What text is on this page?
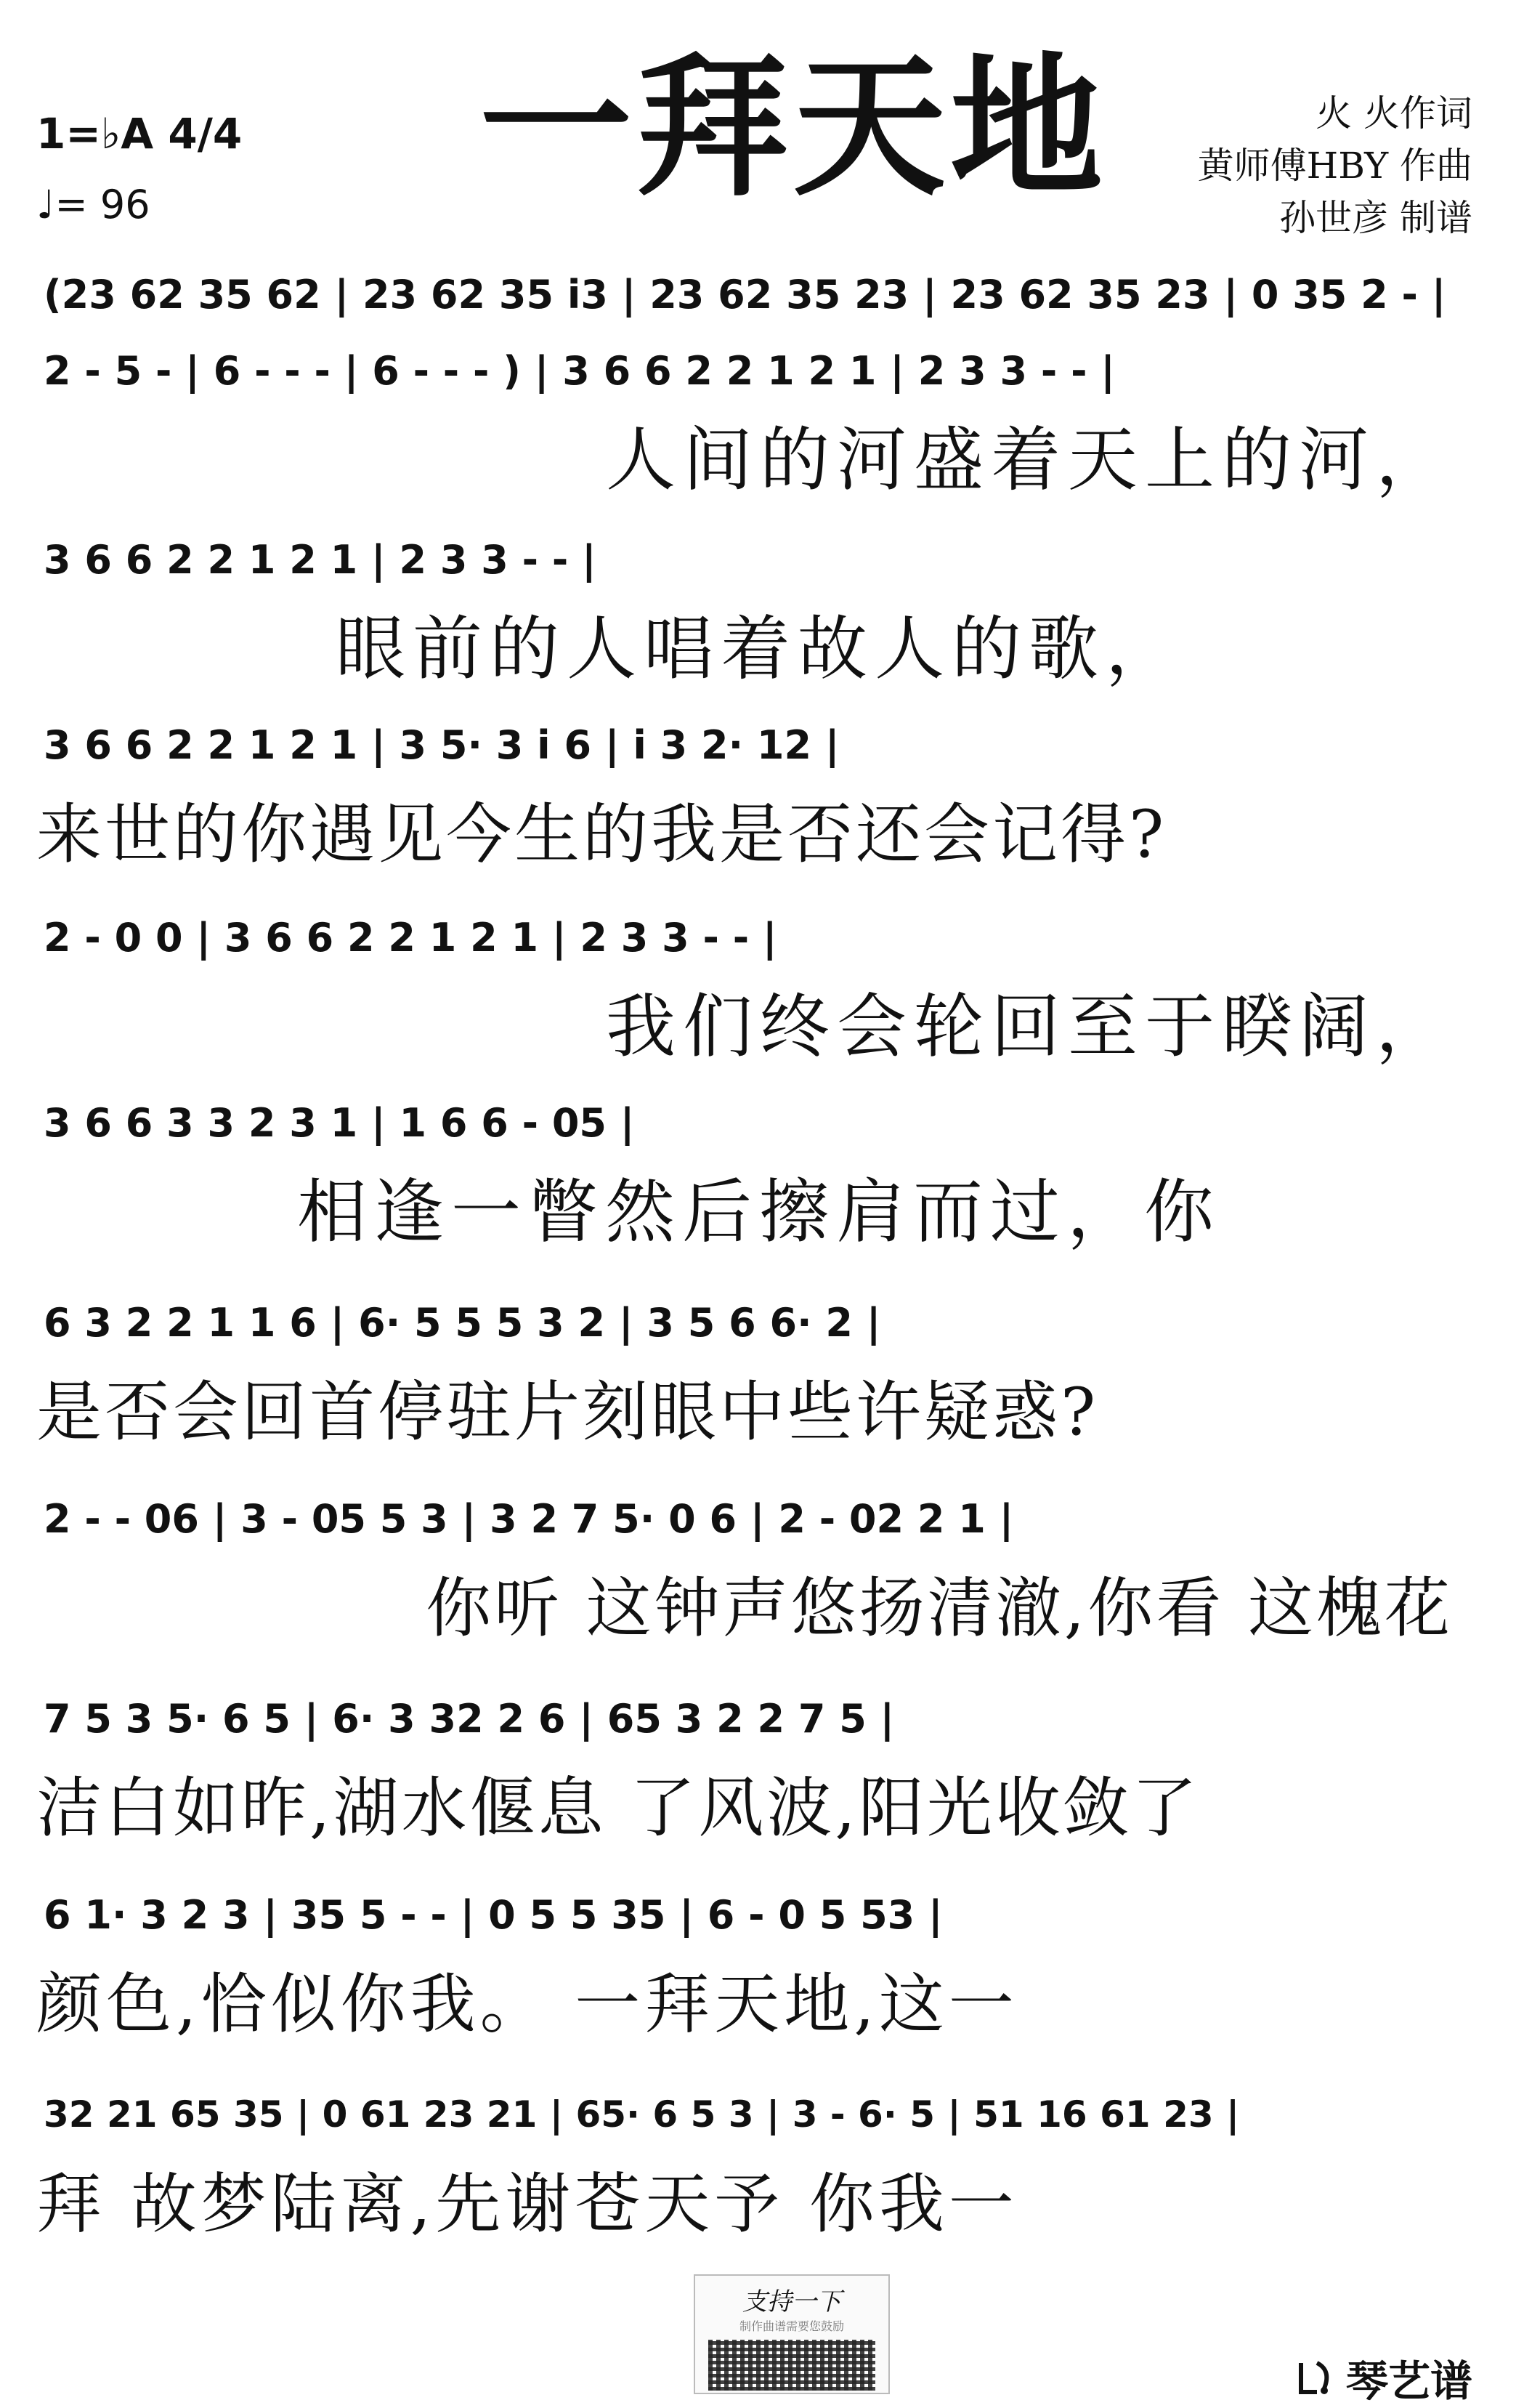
1=♭A 4/4
♩= 96 一拜天地	火 火作词
黄师傅HBY 作曲
孙世彦 制谱
(23 62 35 62 | 23 62 35 i3 | 23 62 35 23 | 23 62 35 23 | 0 35 2 - |
2 - 5 - | 6 - - - | 6 - - - ) | 3 6 6 2 2 1 2 1 | 2 3 3 - - |
人间的河盛着天上的河，
3 6 6 2 2 1 2 1 | 2 3 3 - - |
眼前的人唱着故人的歌，
3 6 6 2 2 1 2 1 | 3 5· 3 i 6 | i 3 2· 12 |
来世的你遇见今生的我是否还会记得?
2 - 0 0 | 3 6 6 2 2 1 2 1 | 2 3 3 - - |
我们终会轮回至于睽阔，
3 6 6 3 3 2 3 1 | 1 6 6 - 05 |
相逢一瞥然后擦肩而过，你
6 3 2 2 1 1 6 | 6· 5 5 5 3 2 | 3 5 6 6· 2 |
是否会回首停驻片刻眼中些许疑惑?
2 - - 06 | 3 - 05 5 3 | 3 2 7 5· 0 6 | 2 - 02 2 1 |
你听 这钟声悠扬清澈,你看 这槐花
7 5 3 5· 6 5 | 6· 3 32 2 6 | 65 3 2 2 7 5 |
洁白如昨,湖水偃息 了风波,阳光收敛了
6 1· 3 2 3 | 35 5 - - | 0 5 5 35 | 6 - 0 5 53 |
颜色,恰似你我。 一拜天地,这一
32 21 65 35 | 0 61 23 21 | 65· 6 5 3 | 3 - 6· 5 | 51 16 61 23 |
拜 故梦陆离,先谢苍天予 你我一
支持一下
制作曲谱需要您鼓励
琴艺谱
